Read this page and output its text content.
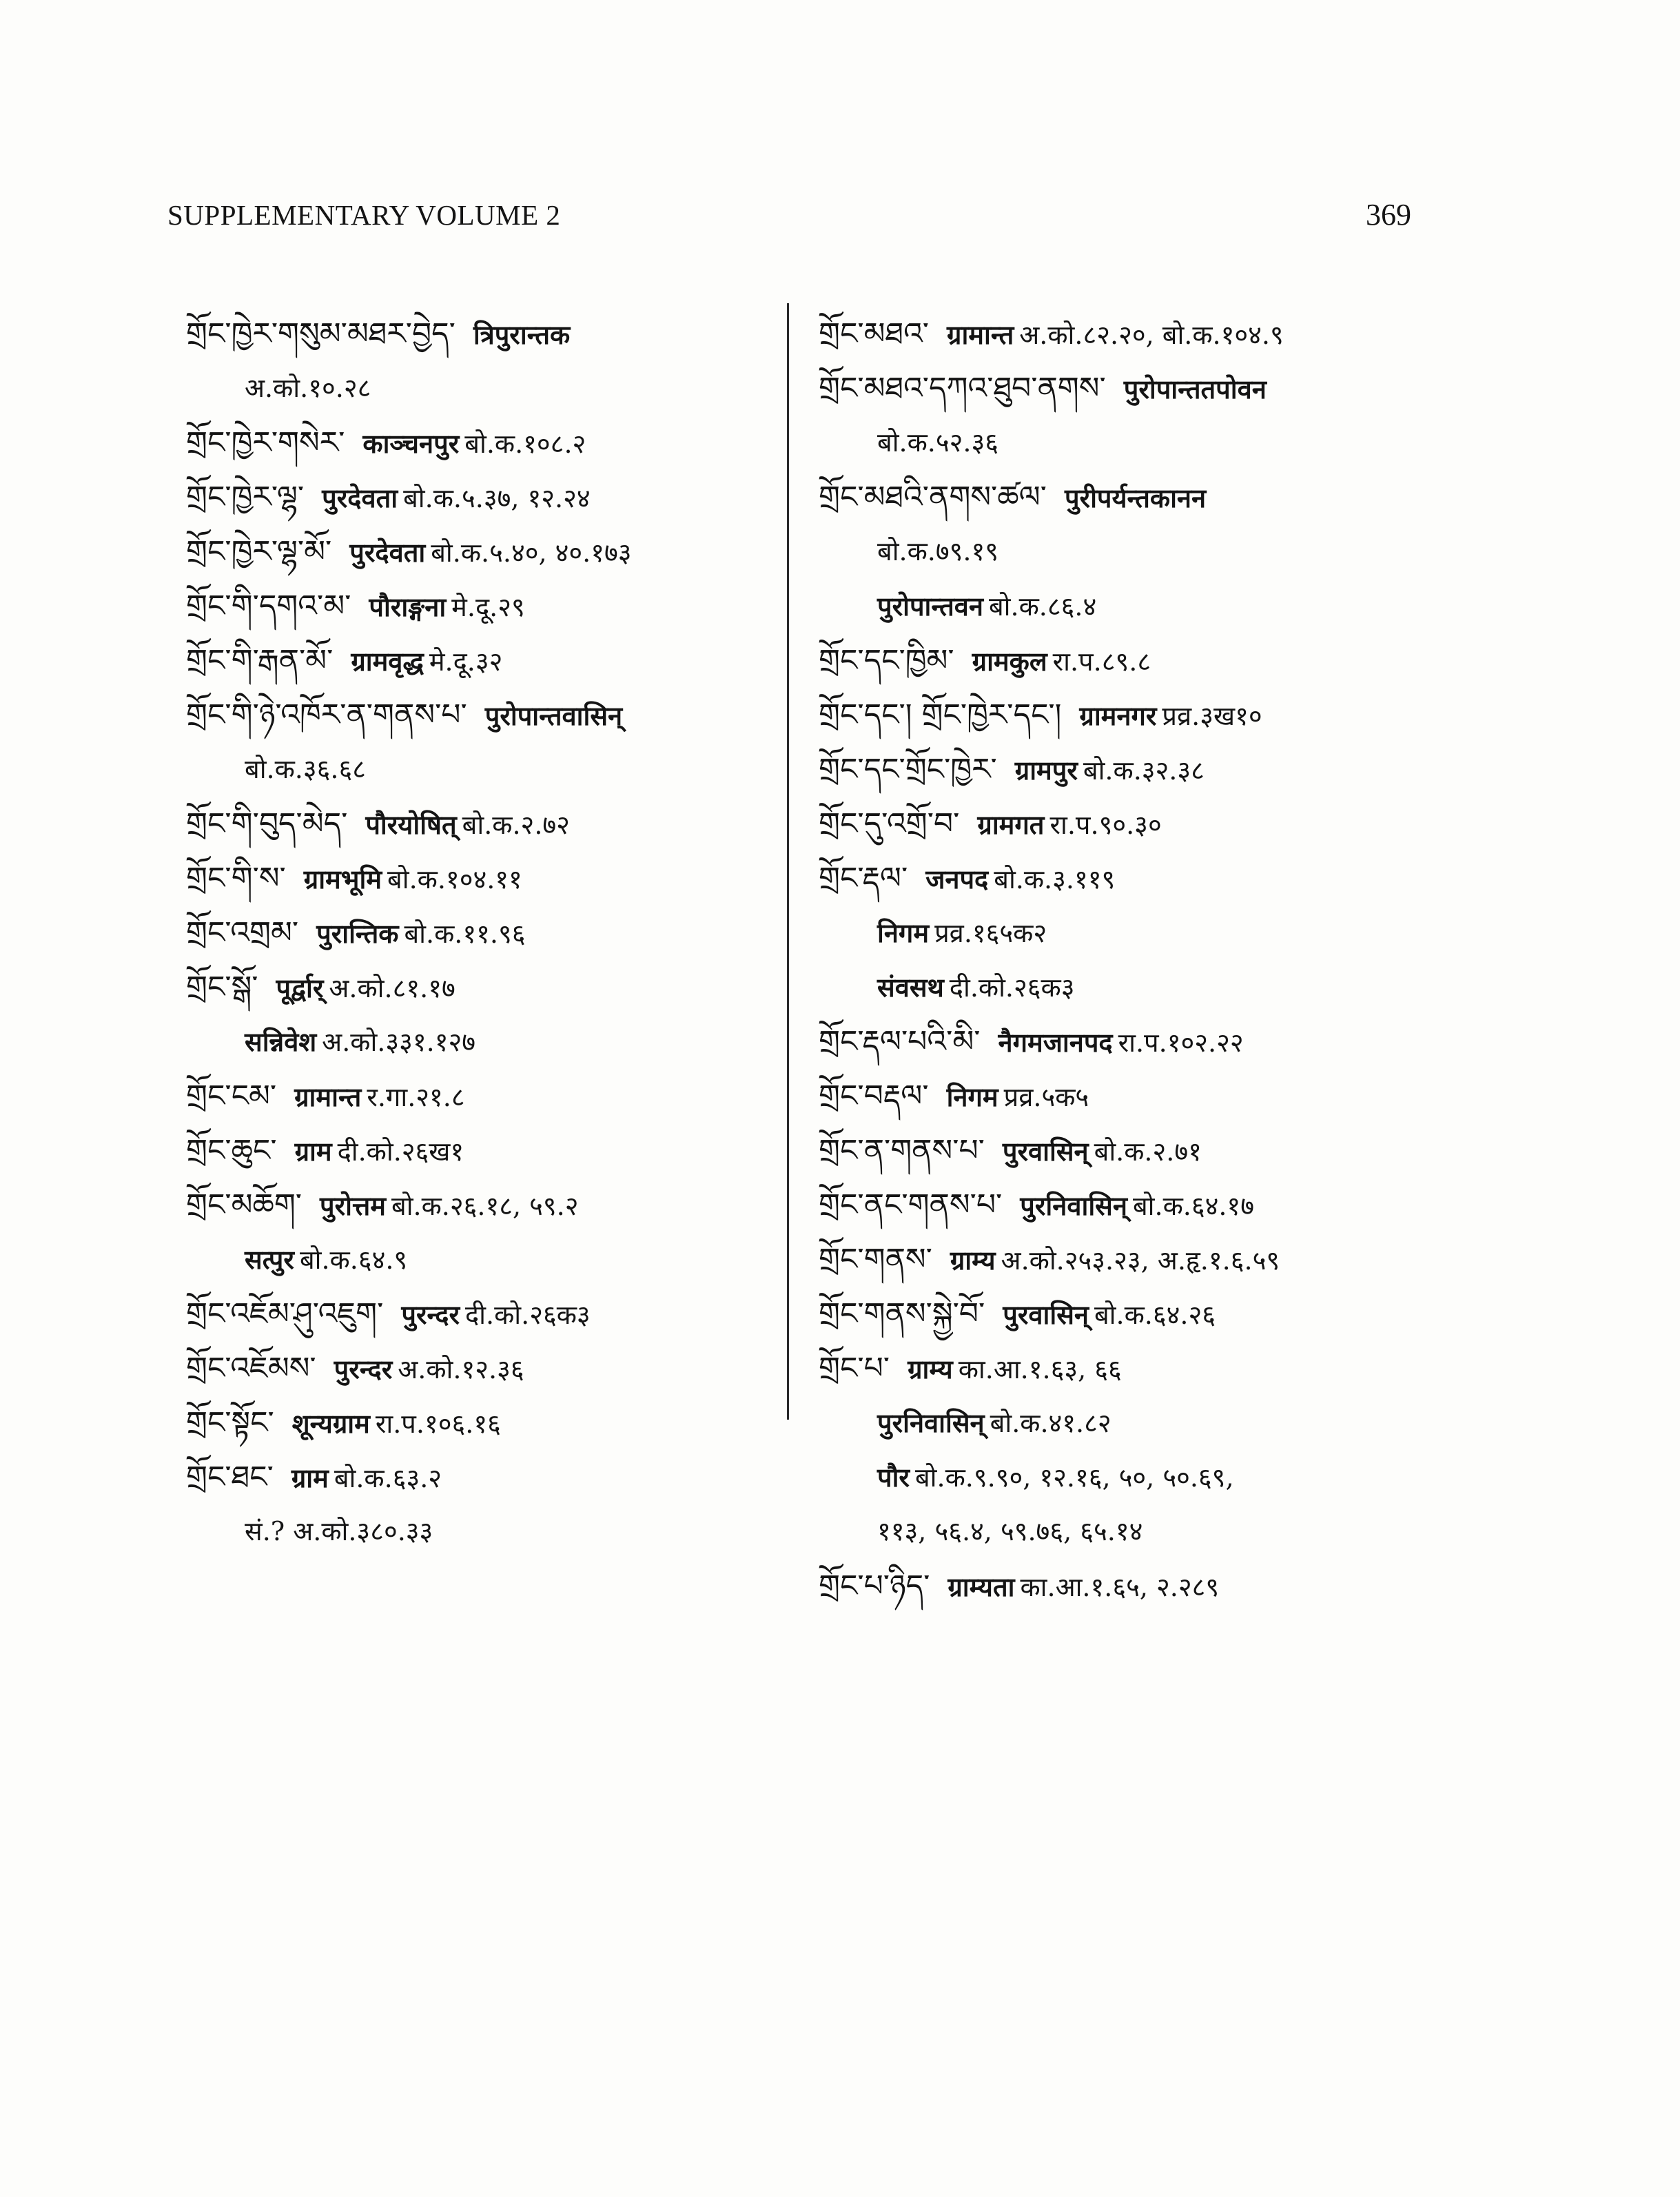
SUPPLEMENTARY VOLUME 2	369
གྲོང་ཁྱེར་གསུམ་མཐར་བྱེད་ त्रिपुरान्तक
अ.को.१०.२८
གྲོང་ཁྱེར་གསེར་ काञ्चनपुर बो.क.१०८.२
གྲོང་ཁྱེར་ལྷ་ पुरदेवता बो.क.५.३७, १२.२४
གྲོང་ཁྱེར་ལྷ་མོ་ पुरदेवता बो.क.५.४०, ४०.१७३
གྲོང་གི་དགའ་མ་ पौराङ्गना मे.दू.२९
གྲོང་གི་རྒན་མོ་ ग्रामवृद्ध मे.दू.३२
གྲོང་གི་ཉེ་འཁོར་ན་གནས་པ་ पुरोपान्तवासिन्
बो.क.३६.६८
གྲོང་གི་བུད་མེད་ पौरयोषित् बो.क.२.७२
གྲོང་གི་ས་ ग्रामभूमि बो.क.१०४.११
གྲོང་འགྲམ་ पुरान्तिक बो.क.११.९६
གྲོང་སྒོ་ पूर्द्वार् अ.को.८१.१७
सन्निवेश अ.को.३३१.१२७
གྲོང་ངམ་ ग्रामान्त र.गा.२१.८
གྲོང་ཆུང་ ग्राम दी.को.२६ख१
གྲོང་མཆོག་ पुरोत्तम बो.क.२६.१८, ५९.२
सत्पुर बो.क.६४.९
གྲོང་འཇོམ་ཤུ་འཇུག་ पुरन्दर दी.को.२६क३
གྲོང་འཇོམས་ पुरन्दर अ.को.१२.३६
གྲོང་སྟོང་ शून्यग्राम रा.प.१०६.१६
གྲོང་ཐང་ ग्राम बो.क.६३.२
सं.? अ.को.३८०.३३
གྲོང་མཐའ་ ग्रामान्त अ.को.८२.२०, बो.क.१०४.९
གྲོང་མཐའ་དཀའ་ཐུབ་ནགས་ पुरोपान्ततपोवन
बो.क.५२.३६
གྲོང་མཐའི་ནགས་ཚལ་ पुरीपर्यन्तकानन
बो.क.७९.१९
पुरोपान्तवन बो.क.८६.४
གྲོང་དང་ཁྱིམ་ ग्रामकुल रा.प.८९.८
གྲོང་དང་། གྲོང་ཁྱེར་དང་། ग्रामनगर प्रव्र.३ख१०
གྲོང་དང་གྲོང་ཁྱེར་ ग्रामपुर बो.क.३२.३८
གྲོང་དུ་འགྲོ་བ་ ग्रामगत रा.प.९०.३०
གྲོང་རྡལ་ जनपद बो.क.३.११९
निगम प्रव्र.१६५क२
संवसथ दी.को.२६क३
གྲོང་རྡལ་པའི་མི་ नैगमजानपद रा.प.१०२.२२
གྲོང་བརྡལ་ निगम प्रव्र.५क५
གྲོང་ན་གནས་པ་ पुरवासिन् बो.क.२.७१
གྲོང་ནང་གནས་པ་ पुरनिवासिन् बो.क.६४.१७
གྲོང་གནས་ ग्राम्य अ.को.२५३.२३, अ.हृ.१.६.५९
གྲོང་གནས་སྐྱེ་བོ་ पुरवासिन् बो.क.६४.२६
གྲོང་པ་ ग्राम्य का.आ.१.६३, ६६
पुरनिवासिन् बो.क.४१.८२
पौर बो.क.९.९०, १२.१६, ५०, ५०.६९,
११३, ५६.४, ५९.७६, ६५.१४
གྲོང་པ་ཉིད་ ग्राम्यता का.आ.१.६५, २.२८९
